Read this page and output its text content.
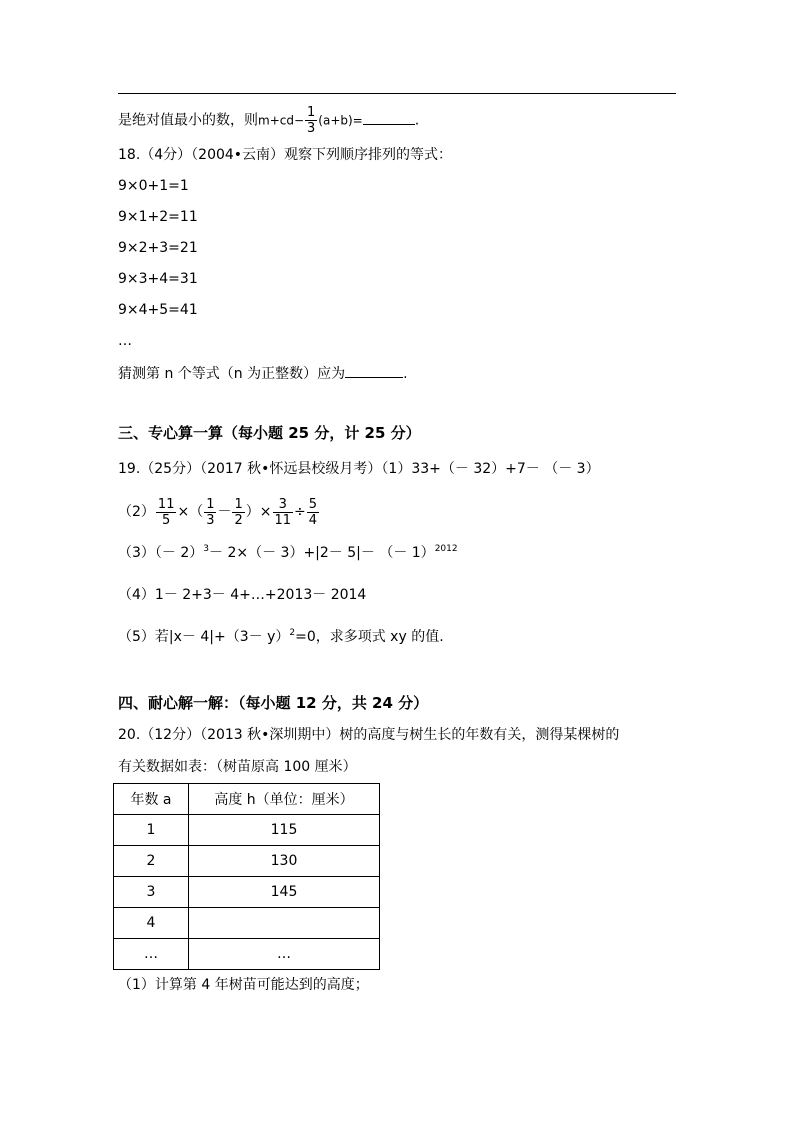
是绝对值最小的数，则$m+cd- \frac{1}{3} (a+b)=$	.
18.（4分）（2004•云南）观察下列顺序排列的等式：
9×0+1=1
9×1+2=11
9×2+3=21
9×3+4=31
9×4+5=41
…
猜测第 n 个等式（n 为正整数）应为	.
三、专心算一算（每小题 25 分，计 25 分）
19.（25分）（2017 秋•怀远县校级月考）（1）33+（－ 32）+7－ （－ 3）
$(2) \frac{11}{5}$ ×（ $\frac{1}{3} - \frac{1}{2}$ ）× $\frac{3}{11} \div \frac{5}{4}$
$(3)(- 2)^3- 2\times(- 3)+|2- 5|-$ （－ 1）$^{2012}$
（4）1－ 2+3－ 4+…+2013－ 2014
（5）若$|x- 4|+(3- y)^2=0$，求多项式 xy 的值.
四、耐心解一解：（每小题 12 分，共 24 分）
20.（12分）（2013 秋•深圳期中）树的高度与树生长的年数有关，测得某棵树的
有关数据如表：（树苗原高 100 厘米）
年数 a	高度 h（单位：厘米）
1	115
2	130
3	145
4	
…	…
（1）计算第 4 年树苗可能达到的高度；
